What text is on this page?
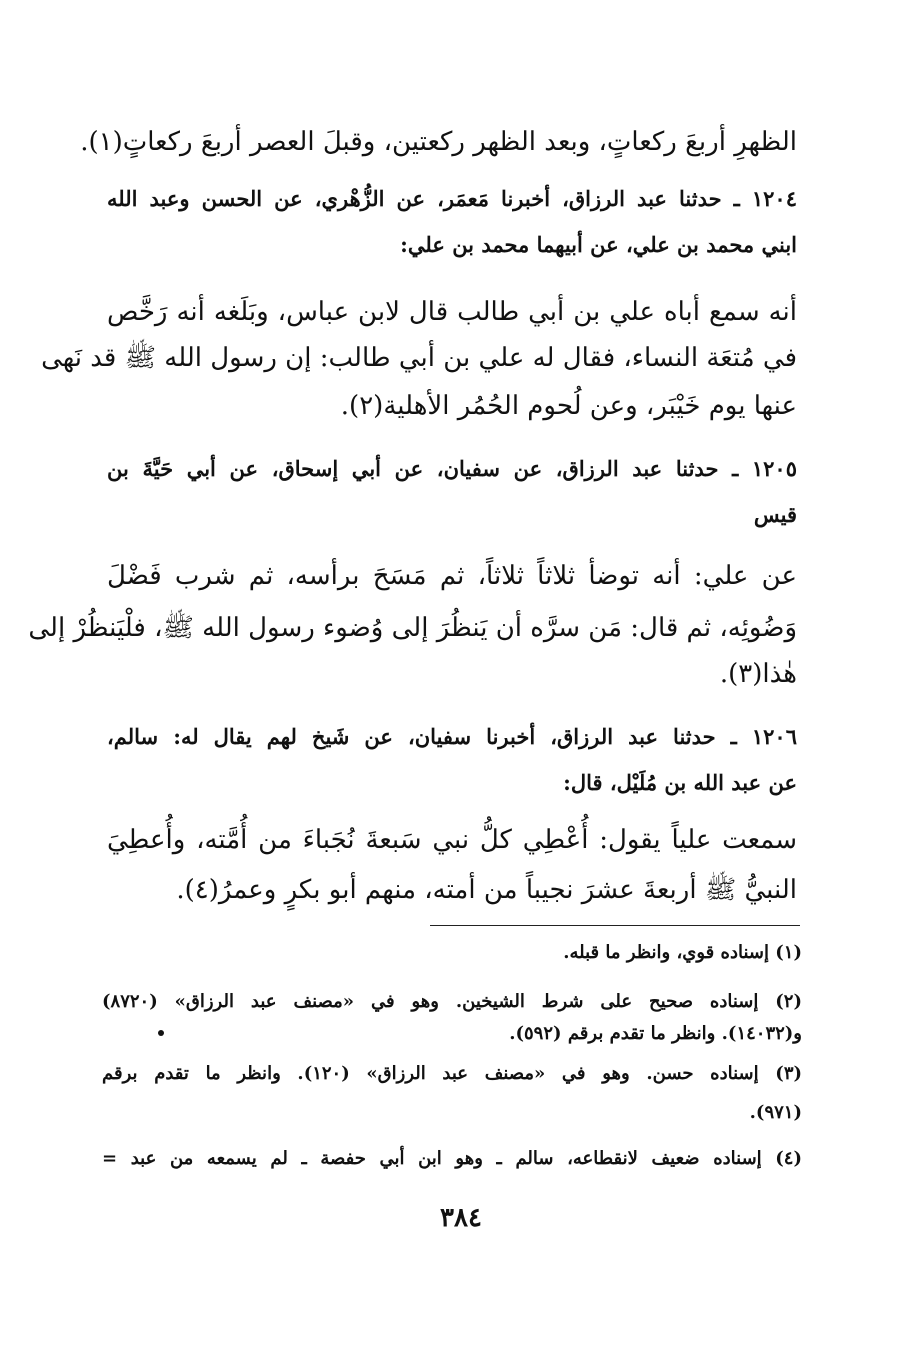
الظهرِ أربعَ ركعاتٍ، وبعد الظهر ركعتين، وقبلَ العصر أربعَ ركعاتٍ(١).
١٢٠٤ ـ حدثنا عبد الرزاق، أخبرنا مَعمَر، عن الزُّهْري، عن الحسن وعبد الله
ابني محمد بن علي، عن أبيهما محمد بن علي:
أنه سمع أباه علي بن أبي طالب قال لابن عباس، وبَلَغه أنه رَخَّص
في مُتعَة النساء، فقال له علي بن أبي طالب: إن رسول الله ﷺ قد نَهى
عنها يوم خَيْبَر، وعن لُحوم الحُمُر الأهلية(٢).
١٢٠٥ ـ حدثنا عبد الرزاق، عن سفيان، عن أبي إسحاق، عن أبي حَيَّةَ بن
قيس
عن علي: أنه توضأ ثلاثاً ثلاثاً، ثم مَسَحَ برأسه، ثم شرب فَضْلَ
وَضُوئِه، ثم قال: مَن سرَّه أن يَنظُرَ إلى وُضوء رسول الله ﷺ، فلْيَنظُرْ إلى
هٰذا(٣).
١٢٠٦ ـ حدثنا عبد الرزاق، أخبرنا سفيان، عن شَيخ لهم يقال له: سالم،
عن عبد الله بن مُلَيْل، قال:
سمعت علياً يقول: أُعْطِي كلُّ نبي سَبعةَ نُجَباءَ من أُمَّته، وأُعطِيَ
النبيُّ ﷺ أربعةَ عشرَ نجيباً من أمته، منهم أبو بكرٍ وعمرُ(٤).
(١) إسناده قوي، وانظر ما قبله.
(٢) إسناده صحيح على شرط الشيخين. وهو في «مصنف عبد الرزاق» (٨٧٢٠)
و(١٤٠٣٢). وانظر ما تقدم برقم (٥٩٢).
(٣) إسناده حسن. وهو في «مصنف عبد الرزاق» (١٢٠). وانظر ما تقدم برقم
(٩٧١).
(٤) إسناده ضعيف لانقطاعه، سالم ـ وهو ابن أبي حفصة ـ لم يسمعه من عبد =
٣٨٤
